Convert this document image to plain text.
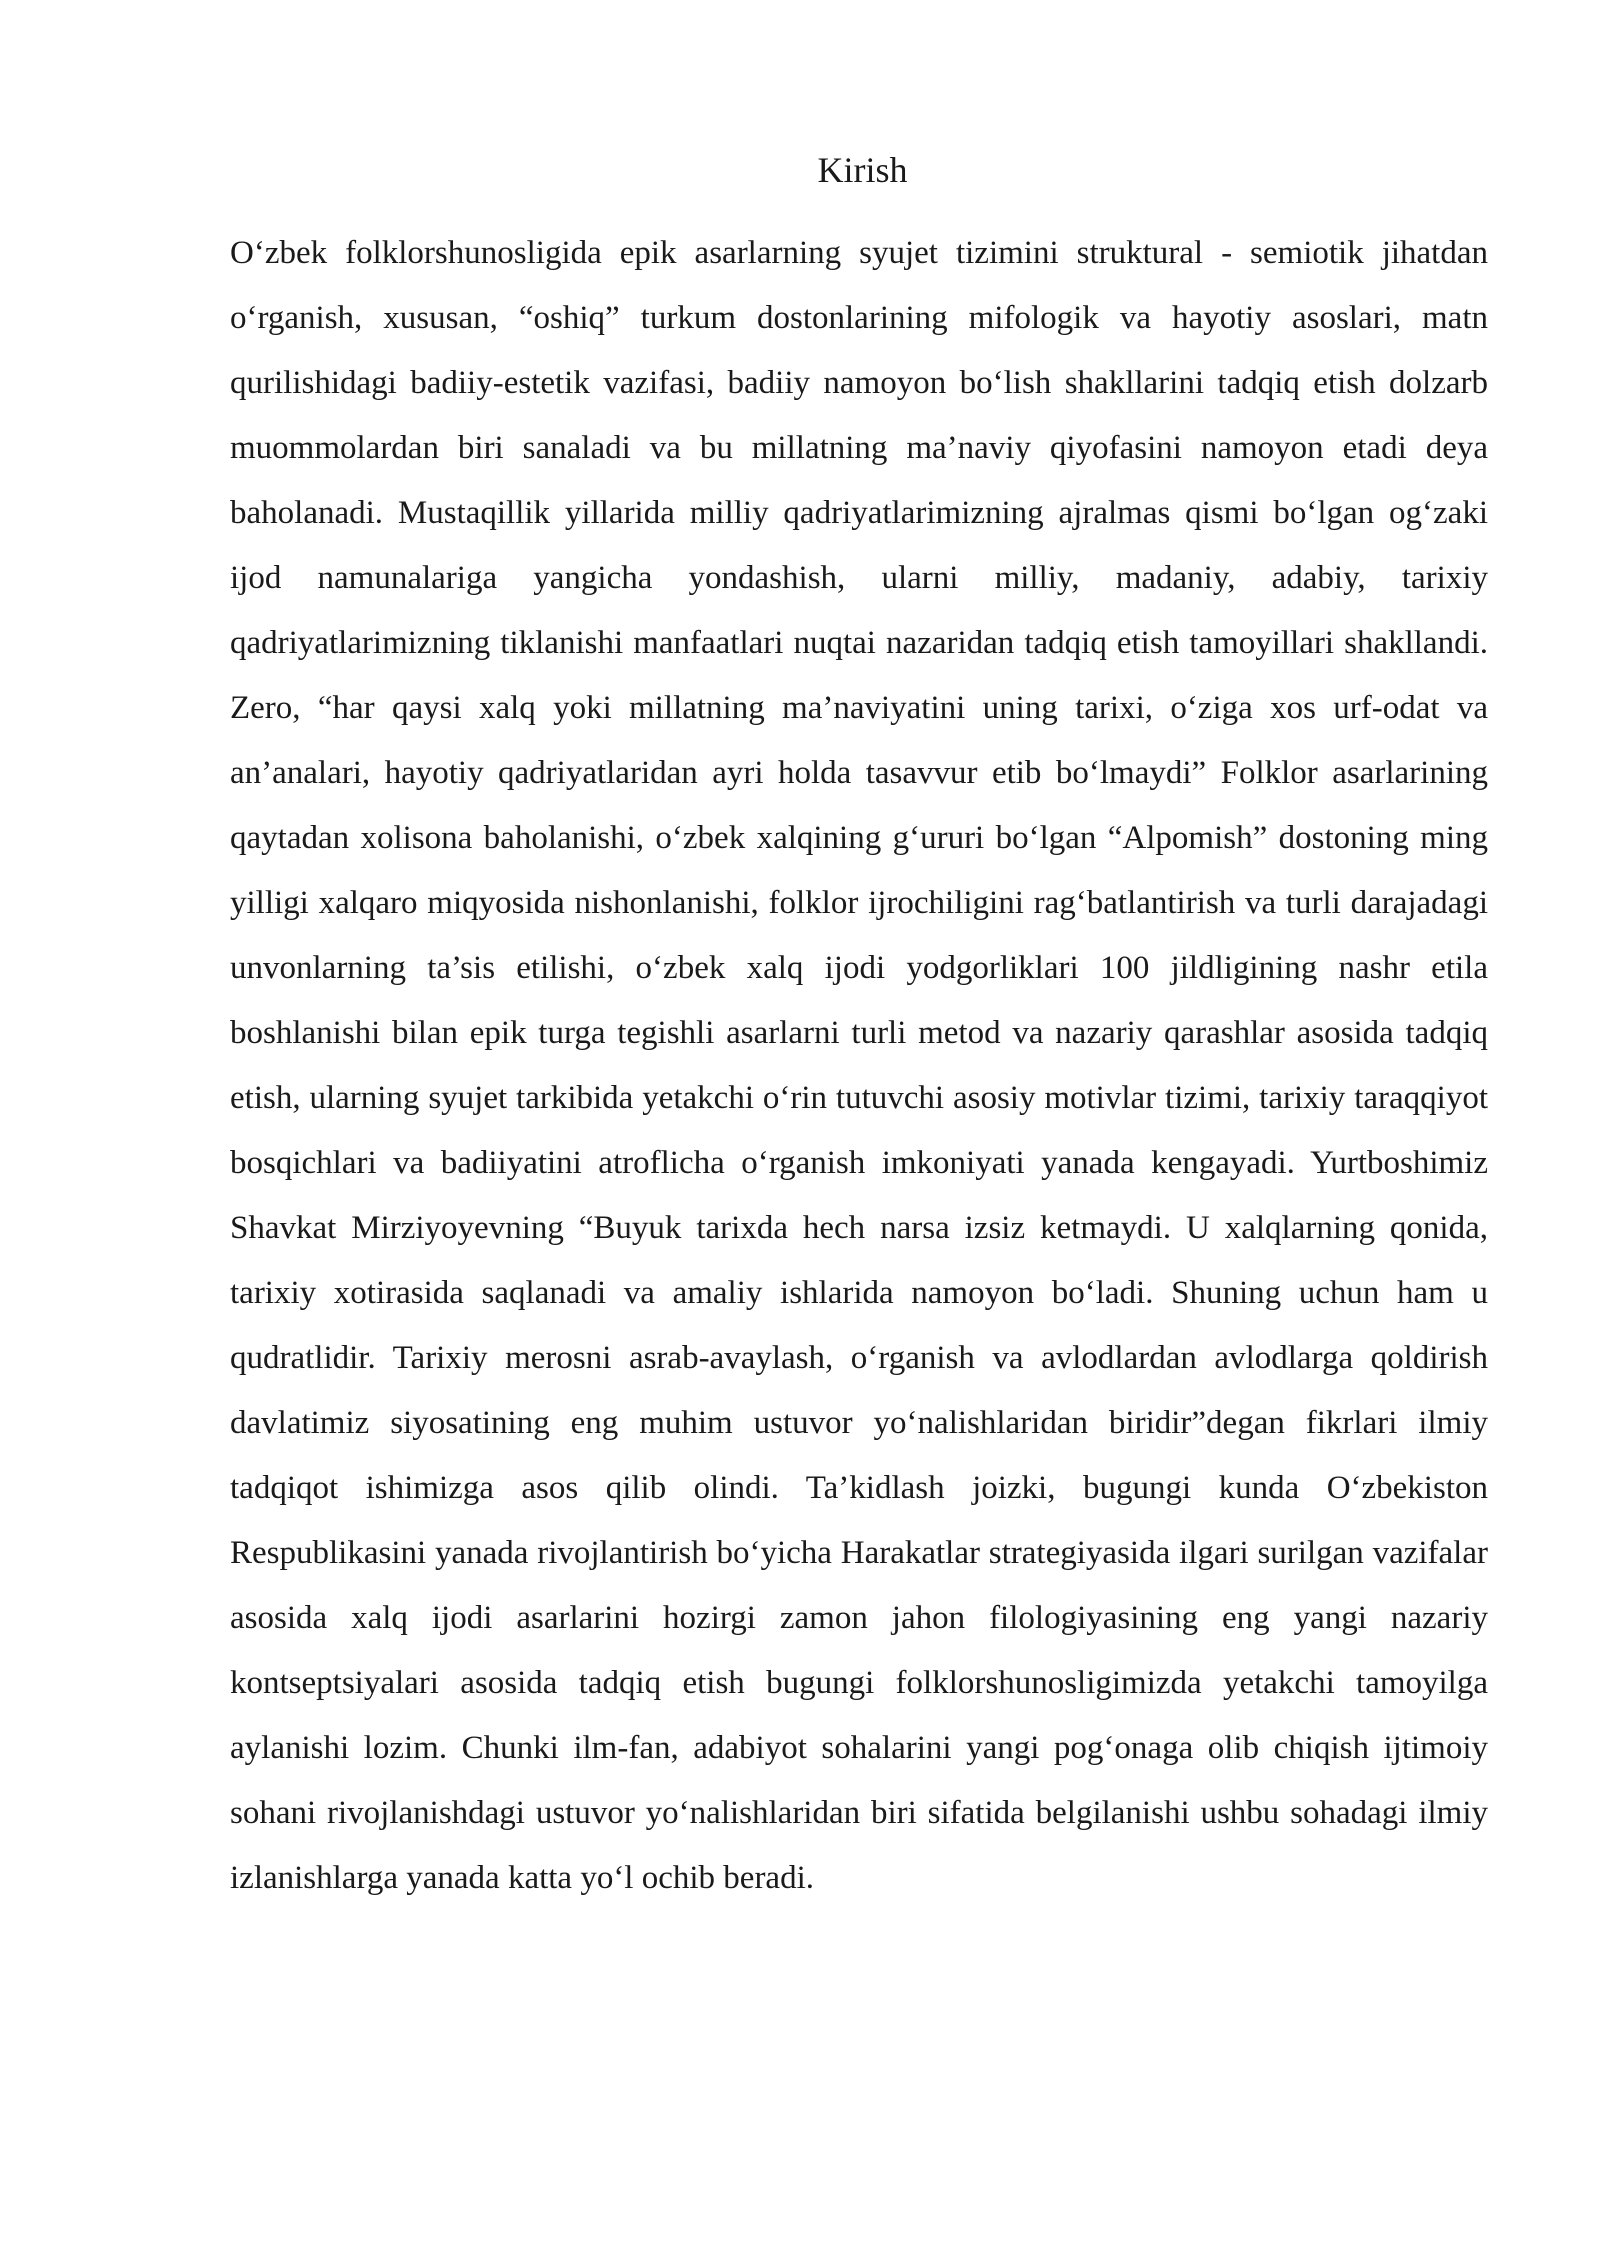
Kirish

O‘zbek folklorshunosligida epik asarlarning syujet tizimini struktural - semiotik jihatdan o‘rganish, xususan, “oshiq” turkum dostonlarining mifologik va hayotiy asoslari, matn qurilishidagi badiiy-estetik vazifasi, badiiy namoyon bo‘lish shakllarini tadqiq etish dolzarb muommolardan biri sanaladi va bu millatning ma’naviy qiyofasini namoyon etadi deya baholanadi. Mustaqillik yillarida milliy qadriyatlarimizning ajralmas qismi bo‘lgan og‘zaki ijod namunalariga yangicha yondashish, ularni milliy, madaniy, adabiy, tarixiy qadriyatlarimizning tiklanishi manfaatlari nuqtai nazaridan tadqiq etish tamoyillari shakllandi. Zero, “har qaysi xalq yoki millatning ma’naviyatini uning tarixi, o‘ziga xos urf-odat va an’analari, hayotiy qadriyatlaridan ayri holda tasavvur etib bo‘lmaydi” Folklor asarlarining qaytadan xolisona baholanishi, o‘zbek xalqining g‘ururi bo‘lgan “Alpomish” dostoning ming yilligi xalqaro miqyosida nishonlanishi, folklor ijrochiligini rag‘batlantirish va turli darajadagi unvonlarning ta’sis etilishi, o‘zbek xalq ijodi yodgorliklari 100 jildligining nashr etila boshlanishi bilan epik turga tegishli asarlarni turli metod va nazariy qarashlar asosida tadqiq etish, ularning syujet tarkibida yetakchi o‘rin tutuvchi asosiy motivlar tizimi, tarixiy taraqqiyot bosqichlari va badiiyatini atroflicha o‘rganish imkoniyati yanada kengayadi. Yurtboshimiz Shavkat Mirziyoyevning “Buyuk tarixda hech narsa izsiz ketmaydi. U xalqlarning qonida, tarixiy xotirasida saqlanadi va amaliy ishlarida namoyon bo‘ladi. Shuning uchun ham u qudratlidir. Tarixiy merosni asrab-avaylash, o‘rganish va avlodlardan avlodlarga qoldirish davlatimiz siyosatining eng muhim ustuvor yo‘nalishlaridan biridir”degan fikrlari ilmiy tadqiqot ishimizga asos qilib olindi. Ta’kidlash joizki, bugungi kunda O‘zbekiston Respublikasini yanada rivojlantirish bo‘yicha Harakatlar strategiyasida ilgari surilgan vazifalar asosida xalq ijodi asarlarini hozirgi zamon jahon filologiyasining eng yangi nazariy kontseptsiyalari asosida tadqiq etish bugungi folklorshunosligimizda yetakchi tamoyilga aylanishi lozim. Chunki ilm-fan, adabiyot sohalarini yangi pog‘onaga olib chiqish ijtimoiy sohani rivojlanishdagi ustuvor yo‘nalishlaridan biri sifatida belgilanishi ushbu sohadagi ilmiy izlanishlarga yanada katta yo‘l ochib beradi.
